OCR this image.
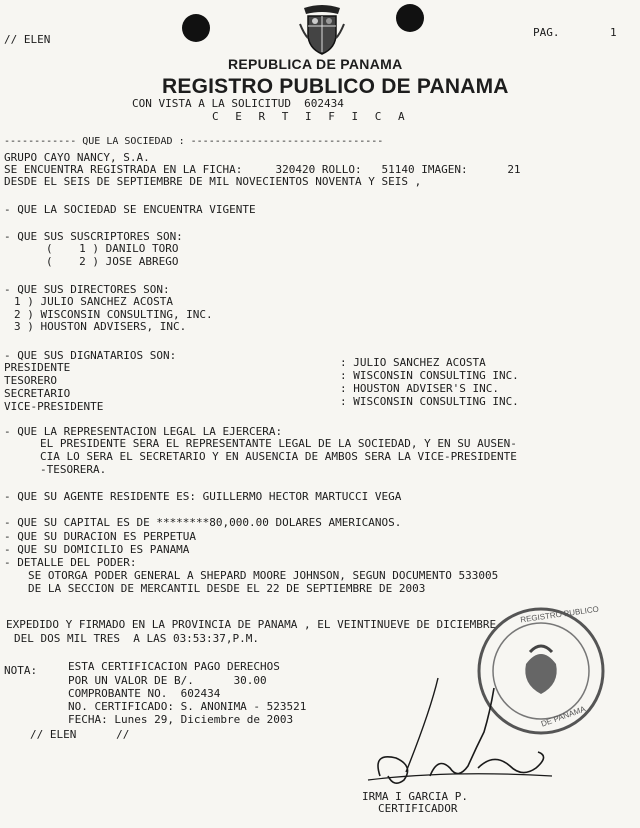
// ELEN
PAG.	1
REPUBLICA DE PANAMA
REGISTRO PUBLICO DE PANAMA
CON VISTA A LA SOLICITUD  602434
C E R T I F I C A
------------ QUE LA SOCIEDAD : --------------------------------
GRUPO CAYO NANCY, S.A.
SE ENCUENTRA REGISTRADA EN LA FICHA:     320420 ROLLO:   51140 IMAGEN:      21
DESDE EL SEIS DE SEPTIEMBRE DE MIL NOVECIENTOS NOVENTA Y SEIS ,
- QUE LA SOCIEDAD SE ENCUENTRA VIGENTE
- QUE SUS SUSCRIPTORES SON:
(    1 ) DANILO TORO
(    2 ) JOSE ABREGO
- QUE SUS DIRECTORES SON:
1 ) JULIO SANCHEZ ACOSTA
2 ) WISCONSIN CONSULTING, INC.
3 ) HOUSTON ADVISERS, INC.
- QUE SUS DIGNATARIOS SON:
PRESIDENTE	: JULIO SANCHEZ ACOSTA
TESORERO	: WISCONSIN CONSULTING INC.
SECRETARIO	: HOUSTON ADVISER'S INC.
VICE-PRESIDENTE	: WISCONSIN CONSULTING INC.
- QUE LA REPRESENTACION LEGAL LA EJERCERA:
EL PRESIDENTE SERA EL REPRESENTANTE LEGAL DE LA SOCIEDAD, Y EN SU AUSEN-
CIA LO SERA EL SECRETARIO Y EN AUSENCIA DE AMBOS SERA LA VICE-PRESIDENTE
-TESORERA.
- QUE SU AGENTE RESIDENTE ES: GUILLERMO HECTOR MARTUCCI VEGA
- QUE SU CAPITAL ES DE ********80,000.00 DOLARES AMERICANOS.
- QUE SU DURACION ES PERPETUA
- QUE SU DOMICILIO ES PANAMA
- DETALLE DEL PODER:
SE OTORGA PODER GENERAL A SHEPARD MOORE JOHNSON, SEGUN DOCUMENTO 533005
DE LA SECCION DE MERCANTIL DESDE EL 22 DE SEPTIEMBRE DE 2003
EXPEDIDO Y FIRMADO EN LA PROVINCIA DE PANAMA , EL VEINTINUEVE DE DICIEMBRE
DEL DOS MIL TRES  A LAS 03:53:37,P.M.
NOTA:	ESTA CERTIFICACION PAGO DERECHOS
POR UN VALOR DE B/.      30.00
COMPROBANTE NO.  602434
NO. CERTIFICADO: S. ANONIMA - 523521
FECHA: Lunes 29, Diciembre de 2003
// ELEN      //
REGISTRO PUBLICO
DE PANAMA
IRMA I GARCIA P.
CERTIFICADOR
